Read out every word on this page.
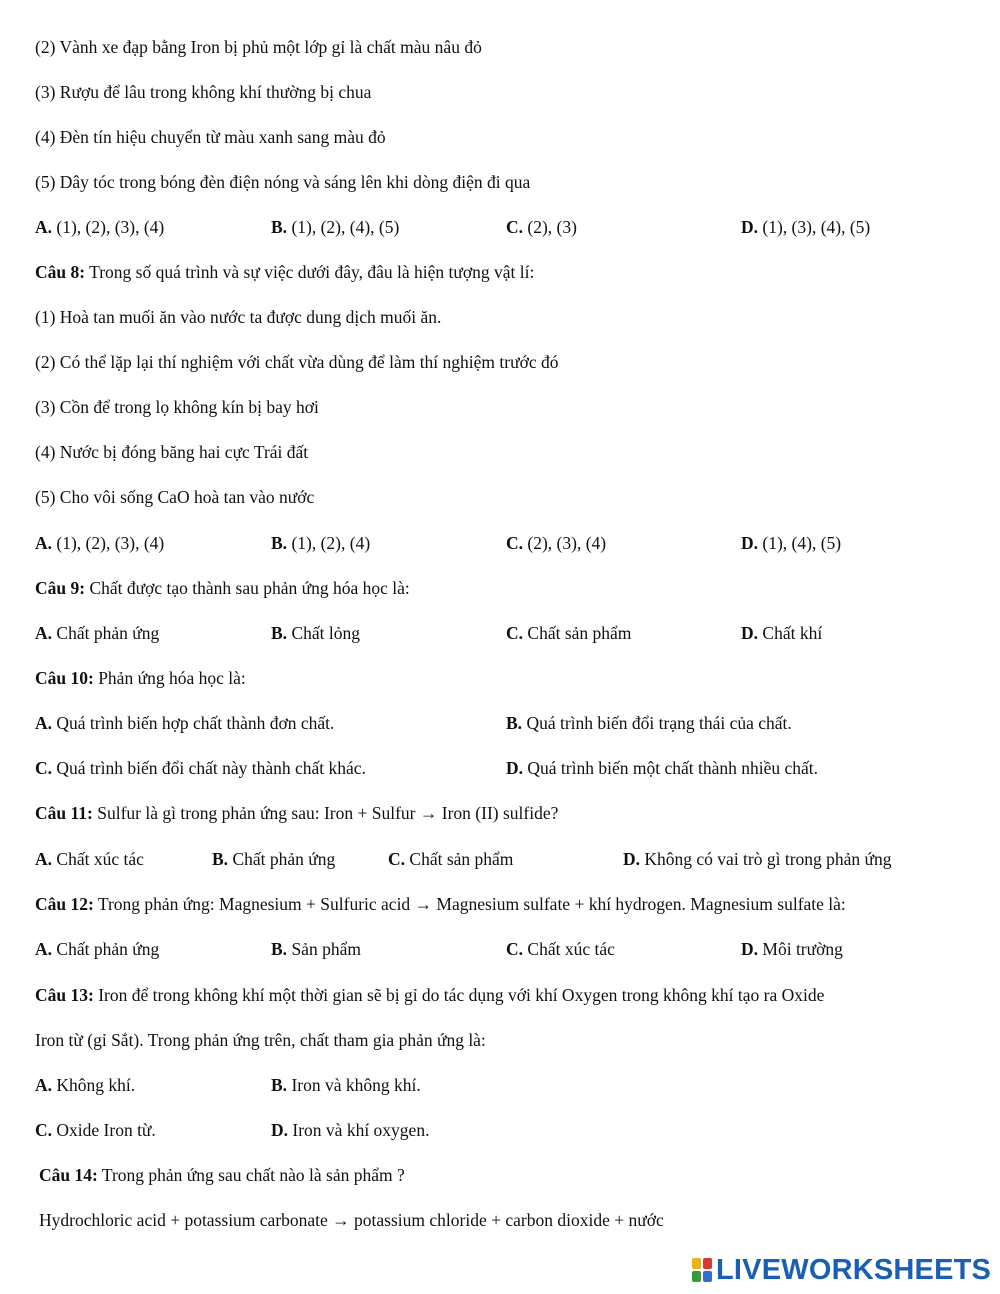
(2) Vành xe đạp bằng Iron bị phủ một lớp gỉ là chất màu nâu đỏ
(3) Rượu để lâu trong không khí thường bị chua
(4) Đèn tín hiệu chuyển từ màu xanh sang màu đỏ
(5) Dây tóc trong bóng đèn điện nóng và sáng lên khi dòng điện đi qua
A. (1), (2), (3), (4)	B. (1), (2), (4), (5)	C. (2), (3)	D. (1), (3), (4), (5)
Câu 8: Trong số quá trình và sự việc dưới đây, đâu là hiện tượng vật lí:
(1) Hoà tan muối ăn vào nước ta được dung dịch muối ăn.
(2) Có thể lặp lại thí nghiệm với chất vừa dùng để làm thí nghiệm trước đó
(3) Cồn để trong lọ không kín bị bay hơi
(4) Nước bị đóng băng hai cực Trái đất
(5) Cho vôi sống CaO hoà tan vào nước
A. (1), (2), (3), (4)	B. (1), (2), (4)	C. (2), (3), (4)	D. (1), (4), (5)
Câu 9: Chất được tạo thành sau phản ứng hóa học là:
A. Chất phản ứng	B. Chất lỏng	C. Chất sản phẩm	D. Chất khí
Câu 10: Phản ứng hóa học là:
A. Quá trình biến hợp chất thành đơn chất.	B. Quá trình biến đổi trạng thái của chất.
C. Quá trình biến đổi chất này thành chất khác.	D. Quá trình biến một chất thành nhiều chất.
Câu 11: Sulfur là gì trong phản ứng sau: Iron + Sulfur → Iron (II) sulfide?
A. Chất xúc tác	B. Chất phản ứng	C. Chất sản phẩm	D. Không có vai trò gì trong phản ứng
Câu 12: Trong phản ứng: Magnesium + Sulfuric acid → Magnesium sulfate + khí hydrogen. Magnesium sulfate là:
A. Chất phản ứng	B. Sản phẩm	C. Chất xúc tác	D. Môi trường
Câu 13: Iron để trong không khí một thời gian sẽ bị gỉ do tác dụng với khí Oxygen trong không khí tạo ra Oxide
Iron từ (gỉ Sắt). Trong phản ứng trên, chất tham gia phản ứng là:
A. Không khí.	B. Iron và không khí.
C. Oxide Iron từ.	D. Iron và khí oxygen.
Câu 14: Trong phản ứng sau chất nào là sản phẩm ?
Hydrochloric acid + potassium carbonate → potassium chloride + carbon dioxide + nước
LIVEWORKSHEETS
